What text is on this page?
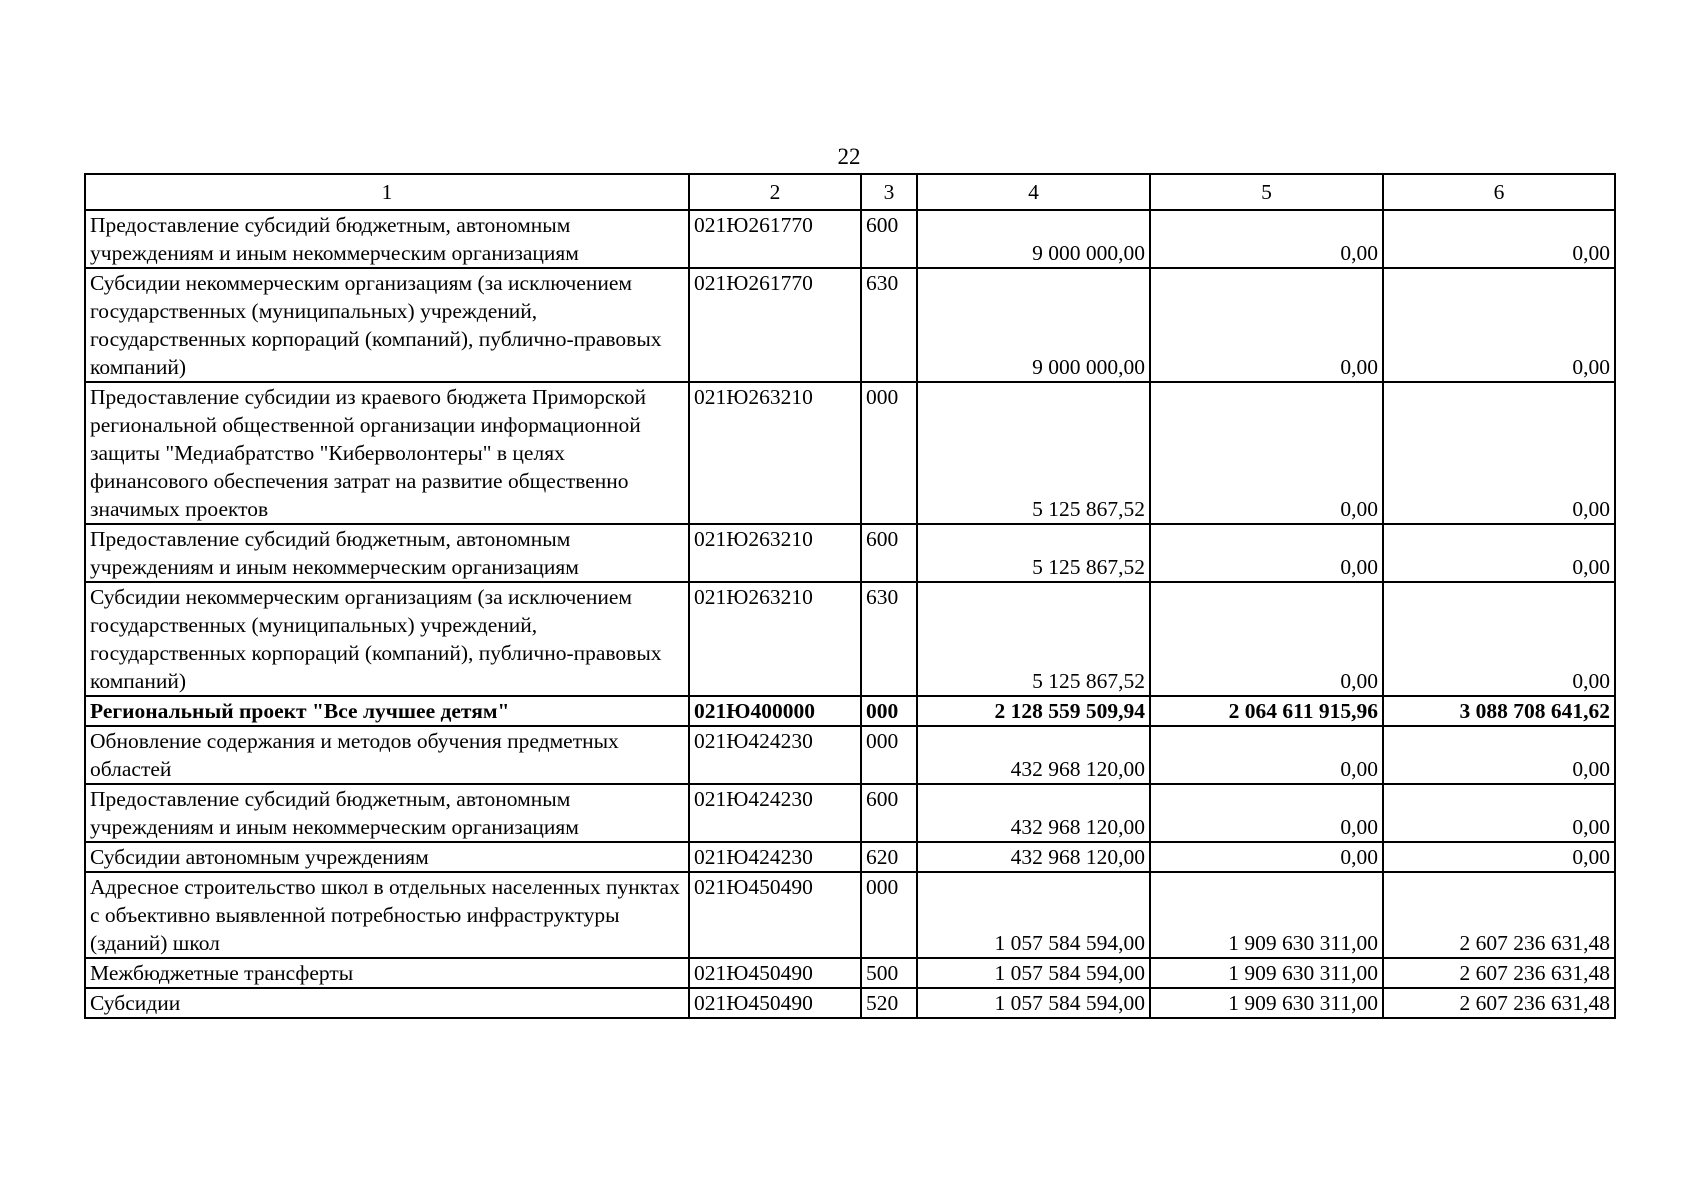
22
1	2	3	4	5	6
Предоставление субсидий бюджетным, автономным учреждениям и иным некоммерческим организациям	021Ю261770	600	9 000 000,00	0,00	0,00
Субсидии некоммерческим организациям (за исключением государственных (муниципальных) учреждений, государственных корпораций (компаний), публично-правовых компаний)	021Ю261770	630	9 000 000,00	0,00	0,00
Предоставление субсидии из краевого бюджета Приморской региональной общественной организации информационной защиты "Медиабратство "Киберволонтеры" в целях финансового обеспечения затрат на развитие общественно значимых проектов	021Ю263210	000	5 125 867,52	0,00	0,00
Предоставление субсидий бюджетным, автономным учреждениям и иным некоммерческим организациям	021Ю263210	600	5 125 867,52	0,00	0,00
Субсидии некоммерческим организациям (за исключением государственных (муниципальных) учреждений, государственных корпораций (компаний), публично-правовых компаний)	021Ю263210	630	5 125 867,52	0,00	0,00
Региональный проект "Все лучшее детям"	021Ю400000	000	2 128 559 509,94	2 064 611 915,96	3 088 708 641,62
Обновление содержания и методов обучения предметных областей	021Ю424230	000	432 968 120,00	0,00	0,00
Предоставление субсидий бюджетным, автономным учреждениям и иным некоммерческим организациям	021Ю424230	600	432 968 120,00	0,00	0,00
Субсидии автономным учреждениям	021Ю424230	620	432 968 120,00	0,00	0,00
Адресное строительство школ в отдельных населенных пунктах с объективно выявленной потребностью инфраструктуры (зданий) школ	021Ю450490	000	1 057 584 594,00	1 909 630 311,00	2 607 236 631,48
Межбюджетные трансферты	021Ю450490	500	1 057 584 594,00	1 909 630 311,00	2 607 236 631,48
Субсидии	021Ю450490	520	1 057 584 594,00	1 909 630 311,00	2 607 236 631,48
